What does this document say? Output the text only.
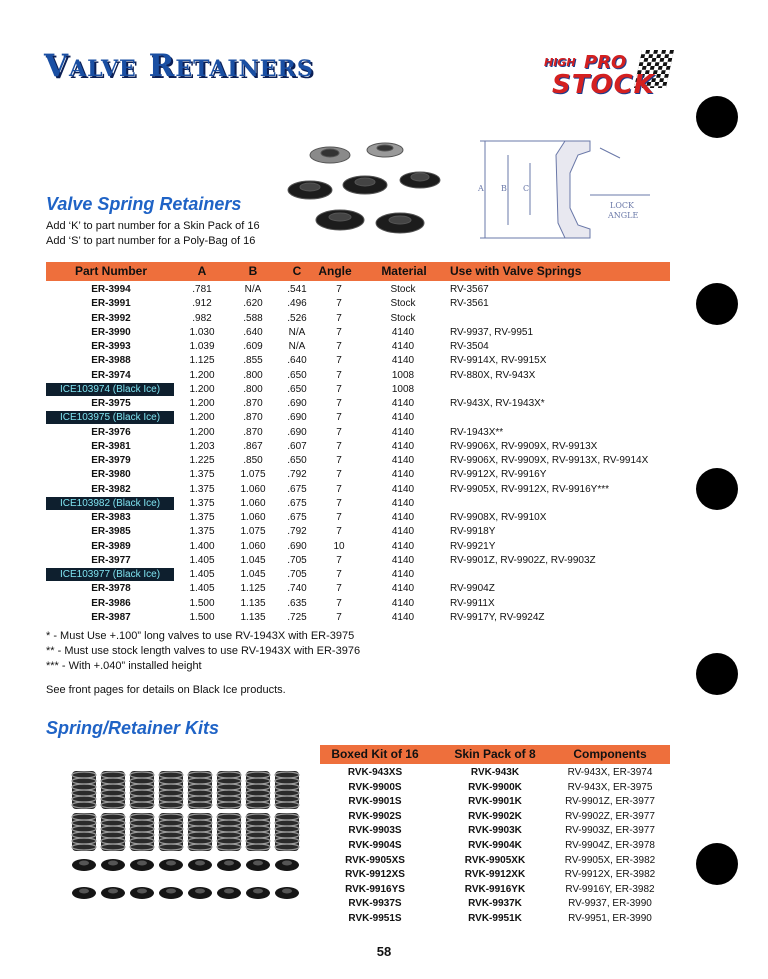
Valve Retainers	HIGH PRO
STOCK
A B C
LOCK
ANGLE
Valve Spring Retainers
Add ‘K’ to part number for a Skin Pack of 16
Add ‘S’ to part number for a Poly-Bag of 16
Part Number	A	B	C	Angle	Material	Use with Valve Springs
ER-3994	.781	N/A	.541	7	Stock	RV-3567
ER-3991	.912	.620	.496	7	Stock	RV-3561
ER-3992	.982	.588	.526	7	Stock
ER-3990	1.030	.640	N/A	7	4140	RV-9937, RV-9951
ER-3993	1.039	.609	N/A	7	4140	RV-3504
ER-3988	1.125	.855	.640	7	4140	RV-9914X, RV-9915X
ER-3974	1.200	.800	.650	7	1008	RV-880X, RV-943X
ICE103974 (Black Ice)	1.200	.800	.650	7	1008
ER-3975	1.200	.870	.690	7	4140	RV-943X, RV-1943X*
ICE103975 (Black Ice)	1.200	.870	.690	7	4140
ER-3976	1.200	.870	.690	7	4140	RV-1943X**
ER-3981	1.203	.867	.607	7	4140	RV-9906X, RV-9909X, RV-9913X
ER-3979	1.225	.850	.650	7	4140	RV-9906X, RV-9909X, RV-9913X, RV-9914X
ER-3980	1.375	1.075	.792	7	4140	RV-9912X, RV-9916Y
ER-3982	1.375	1.060	.675	7	4140	RV-9905X, RV-9912X, RV-9916Y***
ICE103982 (Black Ice)	1.375	1.060	.675	7	4140
ER-3983	1.375	1.060	.675	7	4140	RV-9908X, RV-9910X
ER-3985	1.375	1.075	.792	7	4140	RV-9918Y
ER-3989	1.400	1.060	.690	10	4140	RV-9921Y
ER-3977	1.405	1.045	.705	7	4140	RV-9901Z, RV-9902Z, RV-9903Z
ICE103977 (Black Ice)	1.405	1.045	.705	7	4140
ER-3978	1.405	1.125	.740	7	4140	RV-9904Z
ER-3986	1.500	1.135	.635	7	4140	RV-9911X
ER-3987	1.500	1.135	.725	7	4140	RV-9917Y, RV-9924Z
* - Must Use +.100” long valves to use RV-1943X with ER-3975
** - Must use stock length valves to use RV-1943X with ER-3976
*** - With +.040” installed height
See front pages for details on Black Ice products.
Spring/Retainer Kits
Boxed Kit of 16	Skin Pack of 8	Components
RVK-943XS	RVK-943K	RV-943X, ER-3974
RVK-9900S	RVK-9900K	RV-943X, ER-3975
RVK-9901S	RVK-9901K	RV-9901Z, ER-3977
RVK-9902S	RVK-9902K	RV-9902Z, ER-3977
RVK-9903S	RVK-9903K	RV-9903Z, ER-3977
RVK-9904S	RVK-9904K	RV-9904Z, ER-3978
RVK-9905XS	RVK-9905XK	RV-9905X, ER-3982
RVK-9912XS	RVK-9912XK	RV-9912X, ER-3982
RVK-9916YS	RVK-9916YK	RV-9916Y, ER-3982
RVK-9937S	RVK-9937K	RV-9937, ER-3990
RVK-9951S	RVK-9951K	RV-9951, ER-3990
58
